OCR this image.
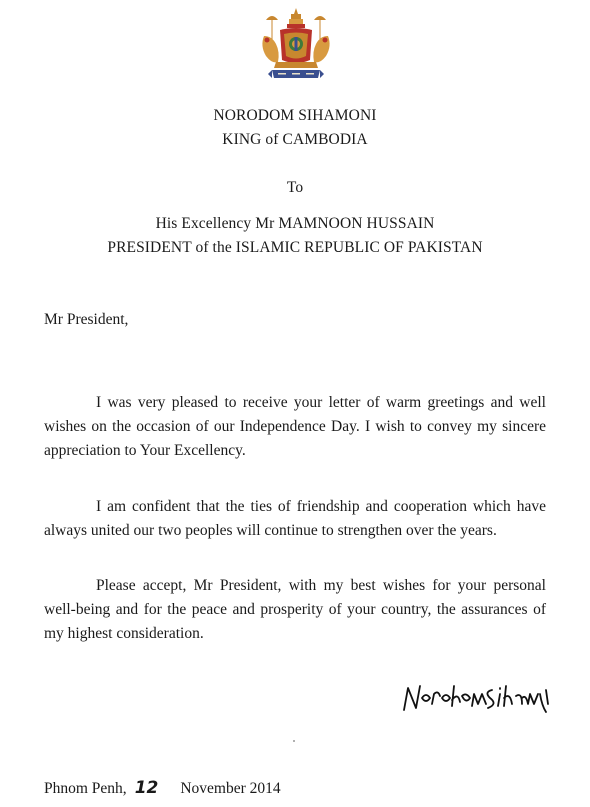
NORODOM SIHAMONI
KING of CAMBODIA
To
His Excellency Mr MAMNOON HUSSAIN
PRESIDENT of the ISLAMIC REPUBLIC OF PAKISTAN
Mr President,
I was very pleased to receive your letter of warm greetings and well wishes on the occasion of our Independence Day. I wish to convey my sincere appreciation to Your Excellency.
I am confident that the ties of friendship and cooperation which have always united our two peoples will continue to strengthen over the years.
Please accept, Mr President, with my best wishes for your personal well-being and for the peace and prosperity of your country, the assurances of my highest consideration.
Phnom Penh, 12 November 2014
